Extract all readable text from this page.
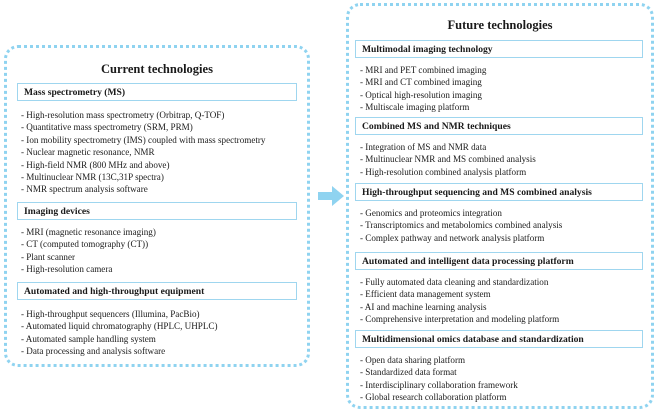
Current technologies
Mass spectrometry (MS)
- High-resolution mass spectrometry (Orbitrap, Q-TOF)
- Quantitative mass spectrometry (SRM, PRM)
- Ion mobility spectrometry (IMS) coupled with mass spectrometry
- Nuclear magnetic resonance, NMR
- High-field NMR (800 MHz and above)
- Multinuclear NMR (13C,31P spectra)
- NMR spectrum analysis software
Imaging devices
- MRI (magnetic resonance imaging)
- CT (computed tomography (CT))
- Plant scanner
- High-resolution camera
Automated and high-throughput equipment
- High-throughput sequencers (Illumina, PacBio)
- Automated liquid chromatography (HPLC, UHPLC)
- Automated sample handling system
- Data processing and analysis software
Future technologies
Multimodal imaging technology
- MRI and PET combined imaging
- MRI and CT combined imaging
- Optical high-resolution imaging
- Multiscale imaging platform
Combined MS and NMR techniques
- Integration of MS and NMR data
- Multinuclear NMR and MS combined analysis
- High-resolution combined analysis platform
High-throughput sequencing and MS combined analysis
- Genomics and proteomics integration
- Transcriptomics and metabolomics combined analysis
- Complex pathway and network analysis platform
Automated and intelligent data processing platform
- Fully automated data cleaning and standardization
- Efficient data management system
- AI and machine learning analysis
- Comprehensive interpretation and modeling platform
Multidimensional omics database and standardization
- Open data sharing platform
- Standardized data format
- Interdisciplinary collaboration framework
- Global research collaboration platform
